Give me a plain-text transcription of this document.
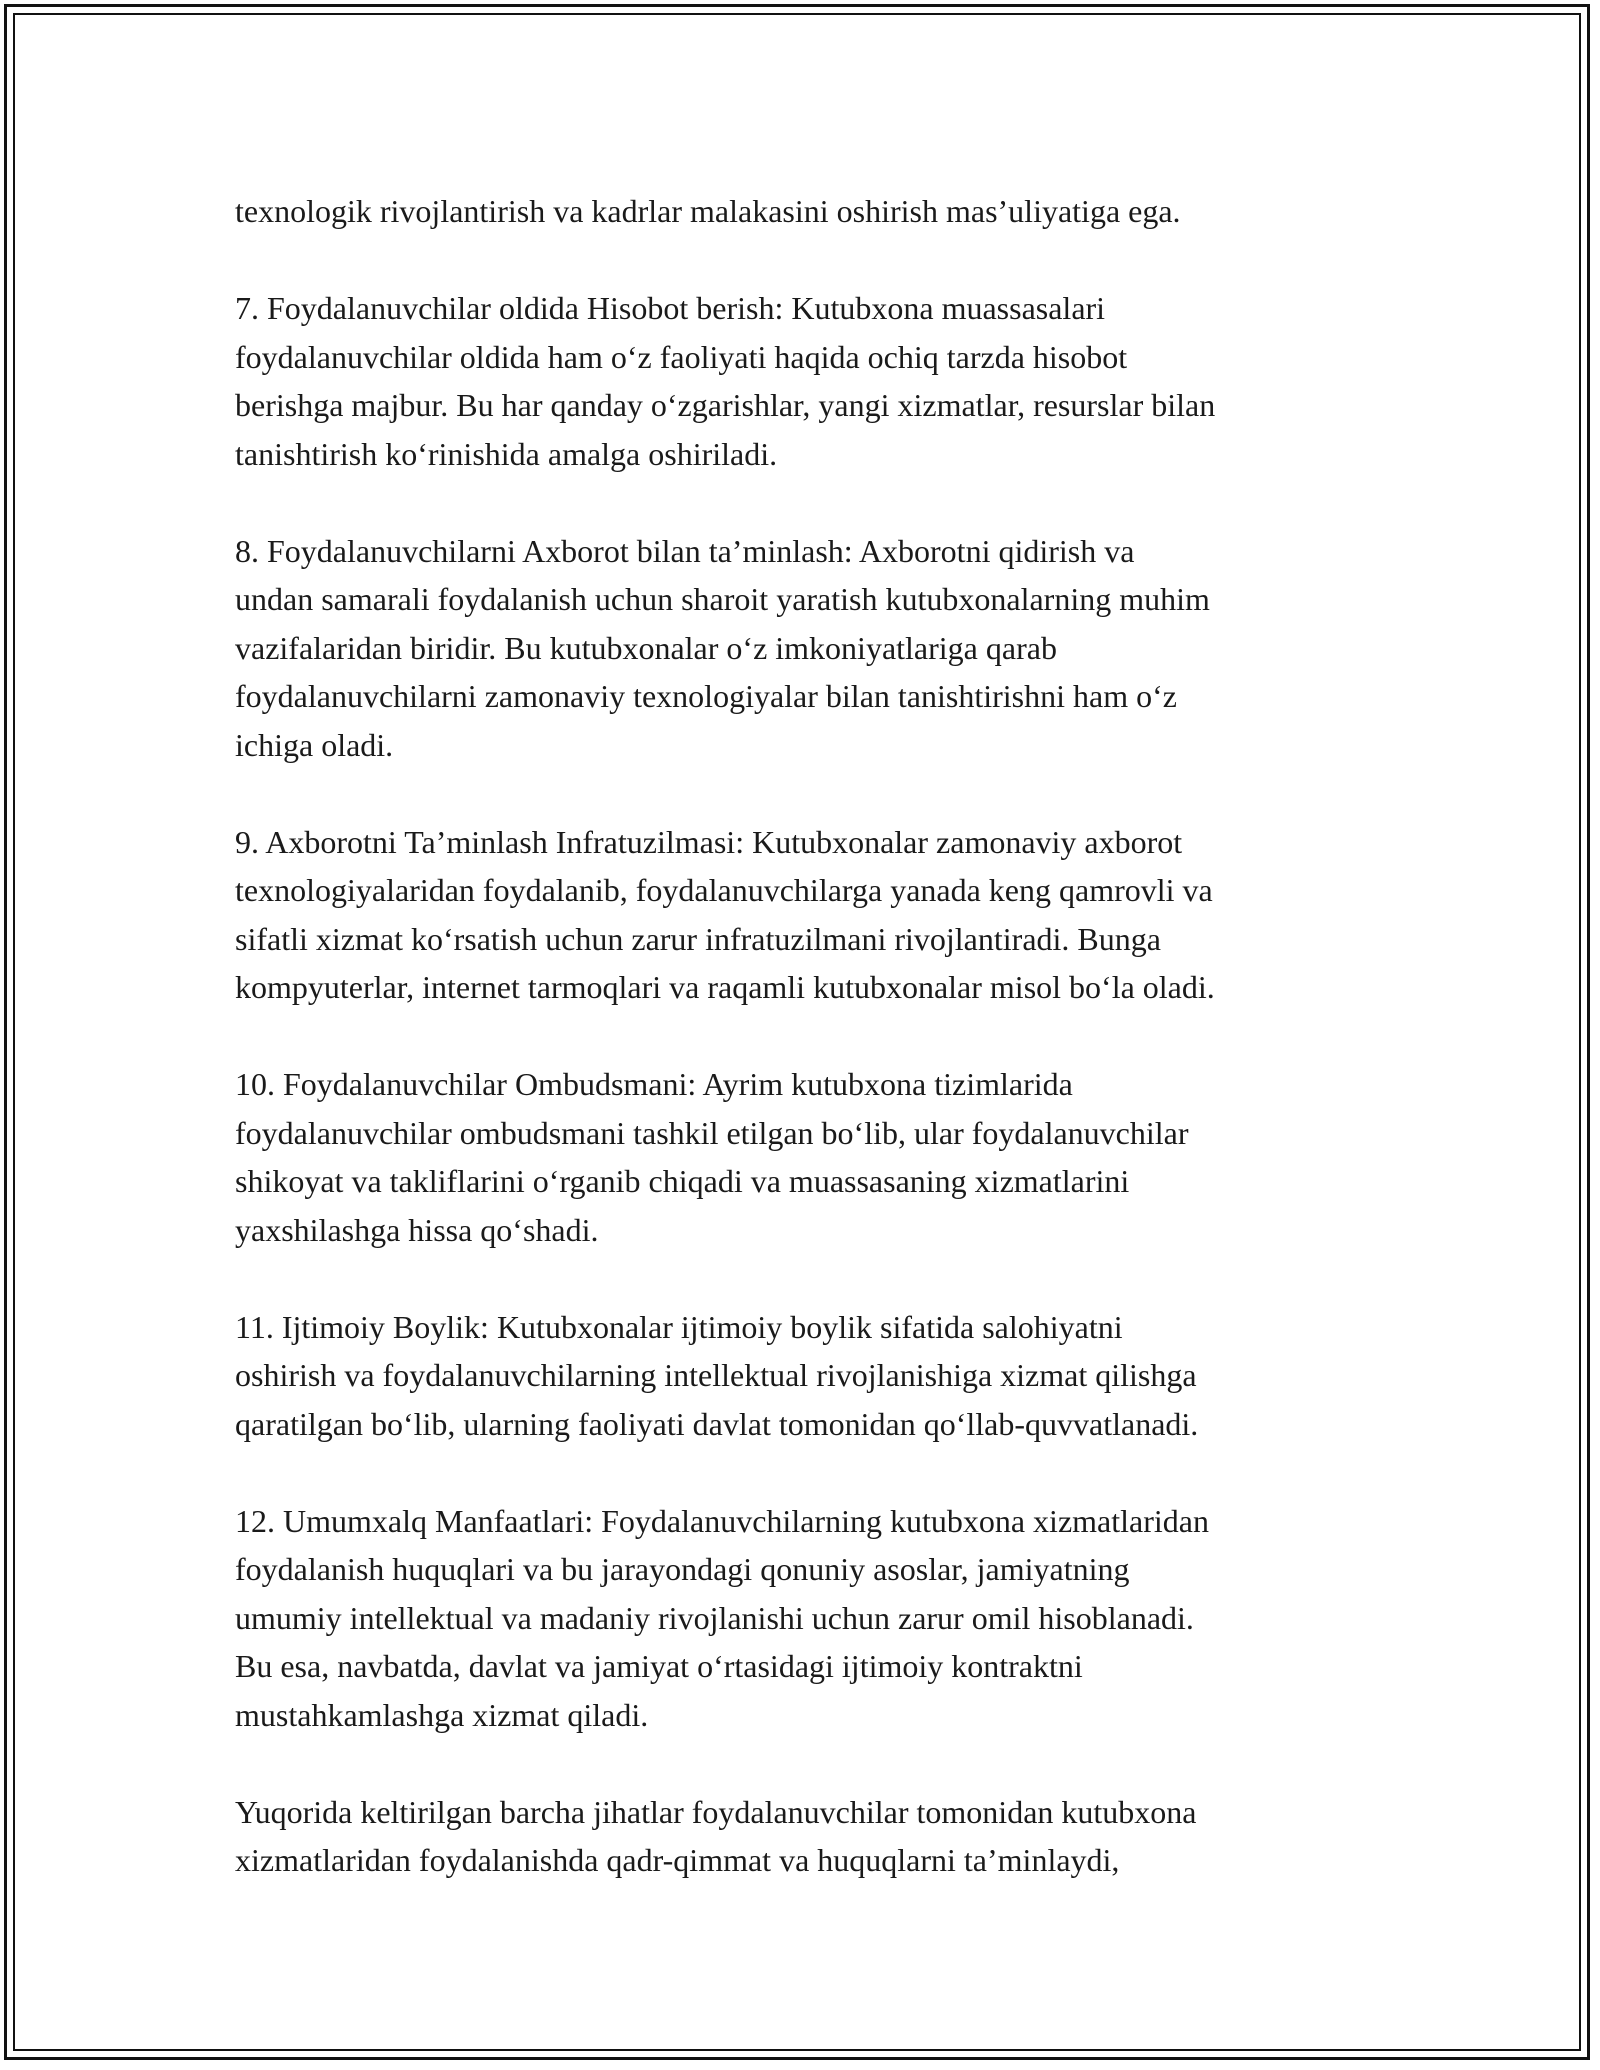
texnologik rivojlantirish va kadrlar malakasini oshirish mas’uliyatiga ega.

7. Foydalanuvchilar oldida Hisobot berish: Kutubxona muassasalari
foydalanuvchilar oldida ham o‘z faoliyati haqida ochiq tarzda hisobot
berishga majbur. Bu har qanday o‘zgarishlar, yangi xizmatlar, resurslar bilan
tanishtirish ko‘rinishida amalga oshiriladi.

8. Foydalanuvchilarni Axborot bilan ta’minlash: Axborotni qidirish va
undan samarali foydalanish uchun sharoit yaratish kutubxonalarning muhim
vazifalaridan biridir. Bu kutubxonalar o‘z imkoniyatlariga qarab
foydalanuvchilarni zamonaviy texnologiyalar bilan tanishtirishni ham o‘z
ichiga oladi.

9. Axborotni Ta’minlash Infratuzilmasi: Kutubxonalar zamonaviy axborot
texnologiyalaridan foydalanib, foydalanuvchilarga yanada keng qamrovli va
sifatli xizmat ko‘rsatish uchun zarur infratuzilmani rivojlantiradi. Bunga
kompyuterlar, internet tarmoqlari va raqamli kutubxonalar misol bo‘la oladi.

10. Foydalanuvchilar Ombudsmani: Ayrim kutubxona tizimlarida
foydalanuvchilar ombudsmani tashkil etilgan bo‘lib, ular foydalanuvchilar
shikoyat va takliflarini o‘rganib chiqadi va muassasaning xizmatlarini
yaxshilashga hissa qo‘shadi.

11. Ijtimoiy Boylik: Kutubxonalar ijtimoiy boylik sifatida salohiyatni
oshirish va foydalanuvchilarning intellektual rivojlanishiga xizmat qilishga
qaratilgan bo‘lib, ularning faoliyati davlat tomonidan qo‘llab-quvvatlanadi.

12. Umumxalq Manfaatlari: Foydalanuvchilarning kutubxona xizmatlaridan
foydalanish huquqlari va bu jarayondagi qonuniy asoslar, jamiyatning
umumiy intellektual va madaniy rivojlanishi uchun zarur omil hisoblanadi.
Bu esa, navbatda, davlat va jamiyat o‘rtasidagi ijtimoiy kontraktni
mustahkamlashga xizmat qiladi.

Yuqorida keltirilgan barcha jihatlar foydalanuvchilar tomonidan kutubxona
xizmatlaridan foydalanishda qadr-qimmat va huquqlarni ta’minlaydi,
